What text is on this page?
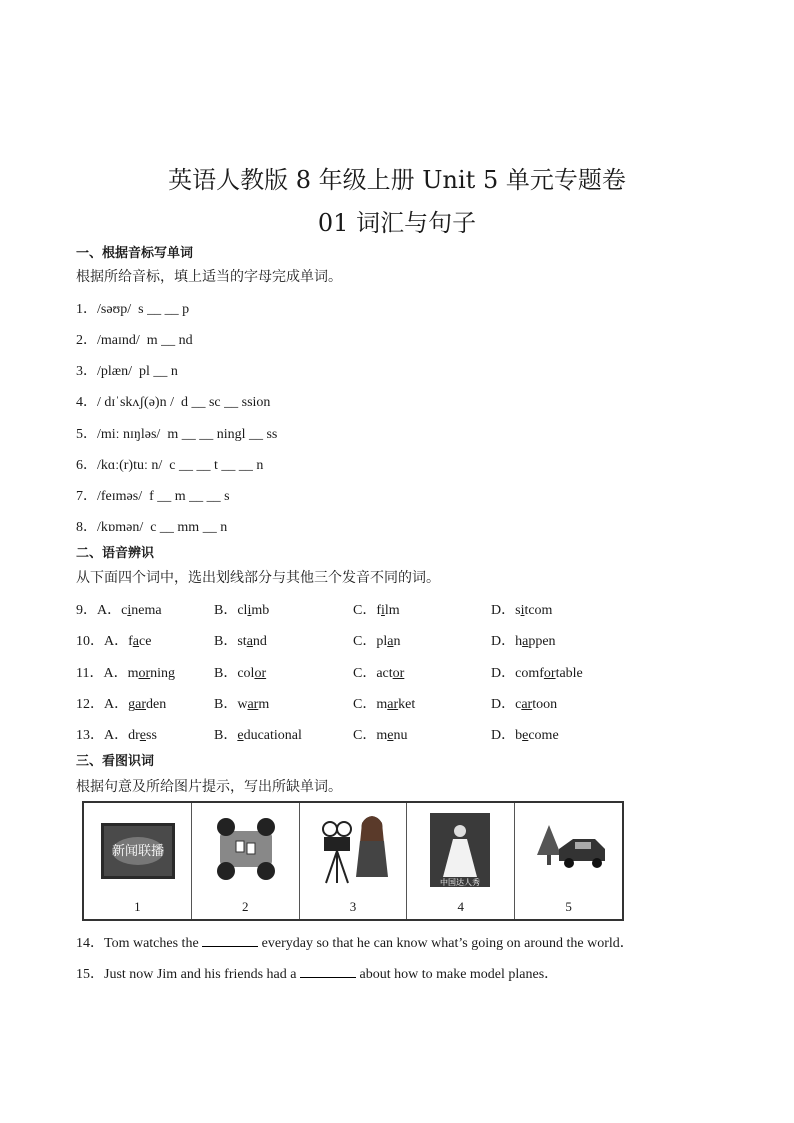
英语人教版 8 年级上册 Unit 5 单元专题卷
01 词汇与句子
一、根据音标写单词
根据所给音标，填上适当的字母完成单词。
1．/səʊp/  s __ __ p
2．/maɪnd/  m __ nd
3．/plæn/  pl __ n
4．/ dɪˈskʌʃ(ə)n /  d __ sc __ ssion
5．/miː nɪŋləs/  m __ __ ningl __ ss
6．/kɑː(r)tuː n/  c __ __ t __ __ n
7．/feɪməs/  f __ m __ __ s
8．/kɒmən/  c __ mm __ n
二、语音辨识
从下面四个词中，选出划线部分与其他三个发音不同的词。
9．A．cinema	B．climb	C．film	D．sitcom
10．A．face	B．stand	C．plan	D．happen
11．A．morning	B．color	C．actor	D．comfortable
12．A．garden	B．warm	C．market	D．cartoon
13．A．dress	B．educational	C．menu	D．become
三、看图识词
根据句意及所给图片提示，写出所缺单词。
新闻联播
1	2	3
中国达人秀
4	5
14．Tom watches the	everyday so that he can know what’s going on around the world．
15．Just now Jim and his friends had a	about how to make model planes．
